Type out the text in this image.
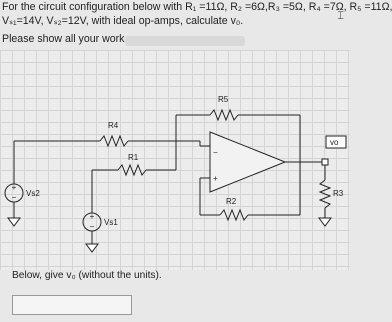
For the circuit configuration below with R₁ =11Ω, R₂ =6Ω,R₃ =5Ω, R₄ =7Ω, R₅ =11Ω,
Vₛ₁=14V, Vₛ₂=12V, with ideal op-amps, calculate v₀.	⌶
Please show all your work
+
− Vs2
+
− Vs1
R4
R1
R5
R2
R3
vo
−
+
Below, give v₀ (without the units).
